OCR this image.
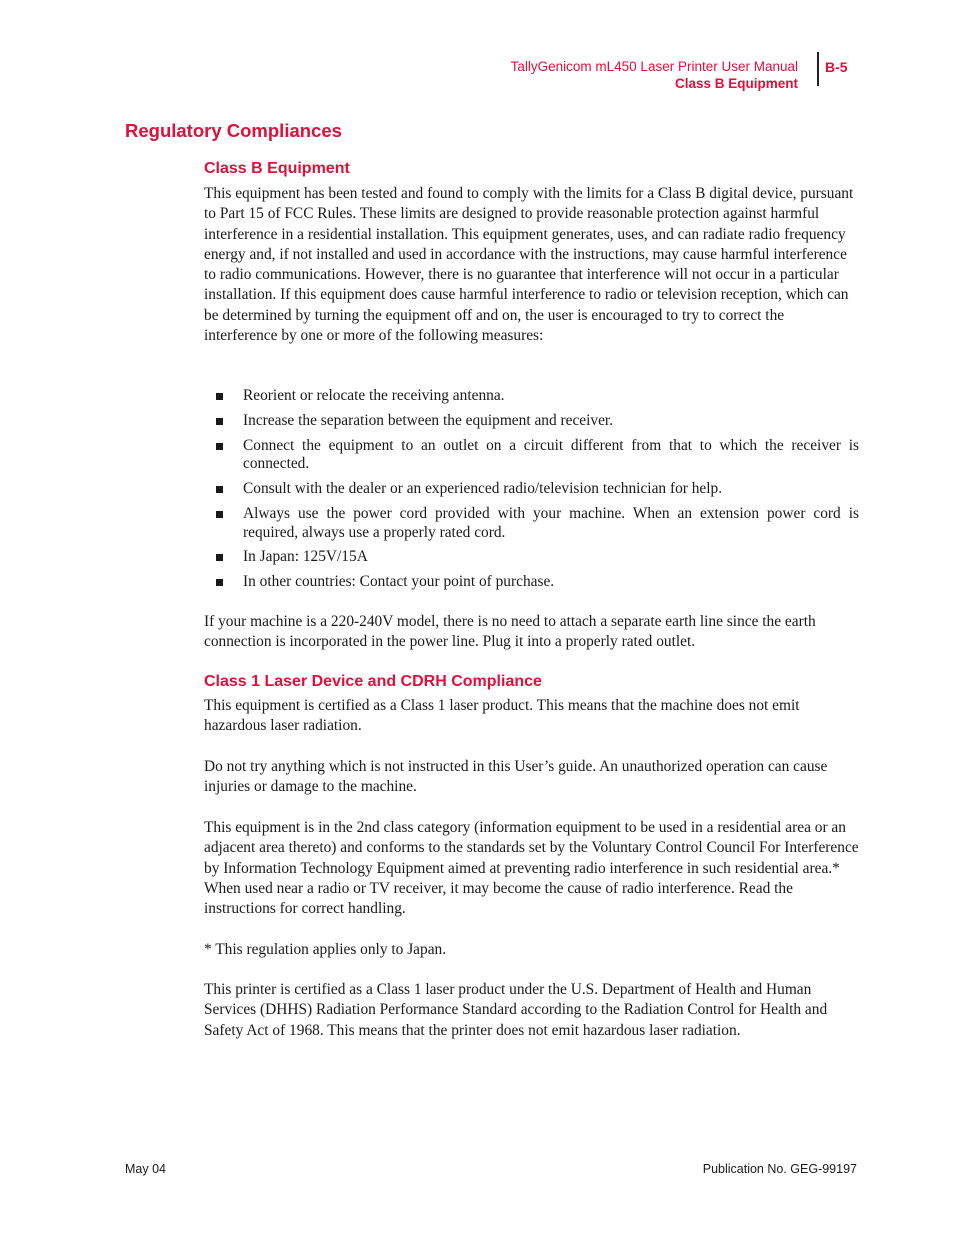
TallyGenicom mL450 Laser Printer User Manual
Class B Equipment
B-5
Regulatory Compliances
Class B Equipment
This equipment has been tested and found to comply with the limits for a Class B digital device, pursuant to Part 15 of FCC Rules. These limits are designed to provide reasonable protection against harmful interference in a residential installation. This equipment generates, uses, and can radiate radio frequency energy and, if not installed and used in accordance with the instructions, may cause harmful interference to radio communications. However, there is no guarantee that interference will not occur in a particular installation. If this equipment does cause harmful interference to radio or television reception, which can be determined by turning the equipment off and on, the user is encouraged to try to correct the interference by one or more of the following measures:
Reorient or relocate the receiving antenna.
Increase the separation between the equipment and receiver.
Connect the equipment to an outlet on a circuit different from that to which the receiver is connected.
Consult with the dealer or an experienced radio/television technician for help.
Always use the power cord provided with your machine. When an extension power cord is required, always use a properly rated cord.
In Japan: 125V/15A
In other countries: Contact your point of purchase.
If your machine is a 220-240V model, there is no need to attach a separate earth line since the earth connection is incorporated in the power line. Plug it into a properly rated outlet.
Class 1 Laser Device and CDRH Compliance
This equipment is certified as a Class 1 laser product. This means that the machine does not emit hazardous laser radiation.
Do not try anything which is not instructed in this User’s guide. An unauthorized operation can cause injuries or damage to the machine.
This equipment is in the 2nd class category (information equipment to be used in a residential area or an adjacent area thereto) and conforms to the standards set by the Voluntary Control Council For Interference by Information Technology Equipment aimed at preventing radio interference in such residential area.* When used near a radio or TV receiver, it may become the cause of radio interference. Read the instructions for correct handling.
* This regulation applies only to Japan.
This printer is certified as a Class 1 laser product under the U.S. Department of Health and Human Services (DHHS) Radiation Performance Standard according to the Radiation Control for Health and Safety Act of 1968. This means that the printer does not emit hazardous laser radiation.
May 04	Publication No. GEG-99197
